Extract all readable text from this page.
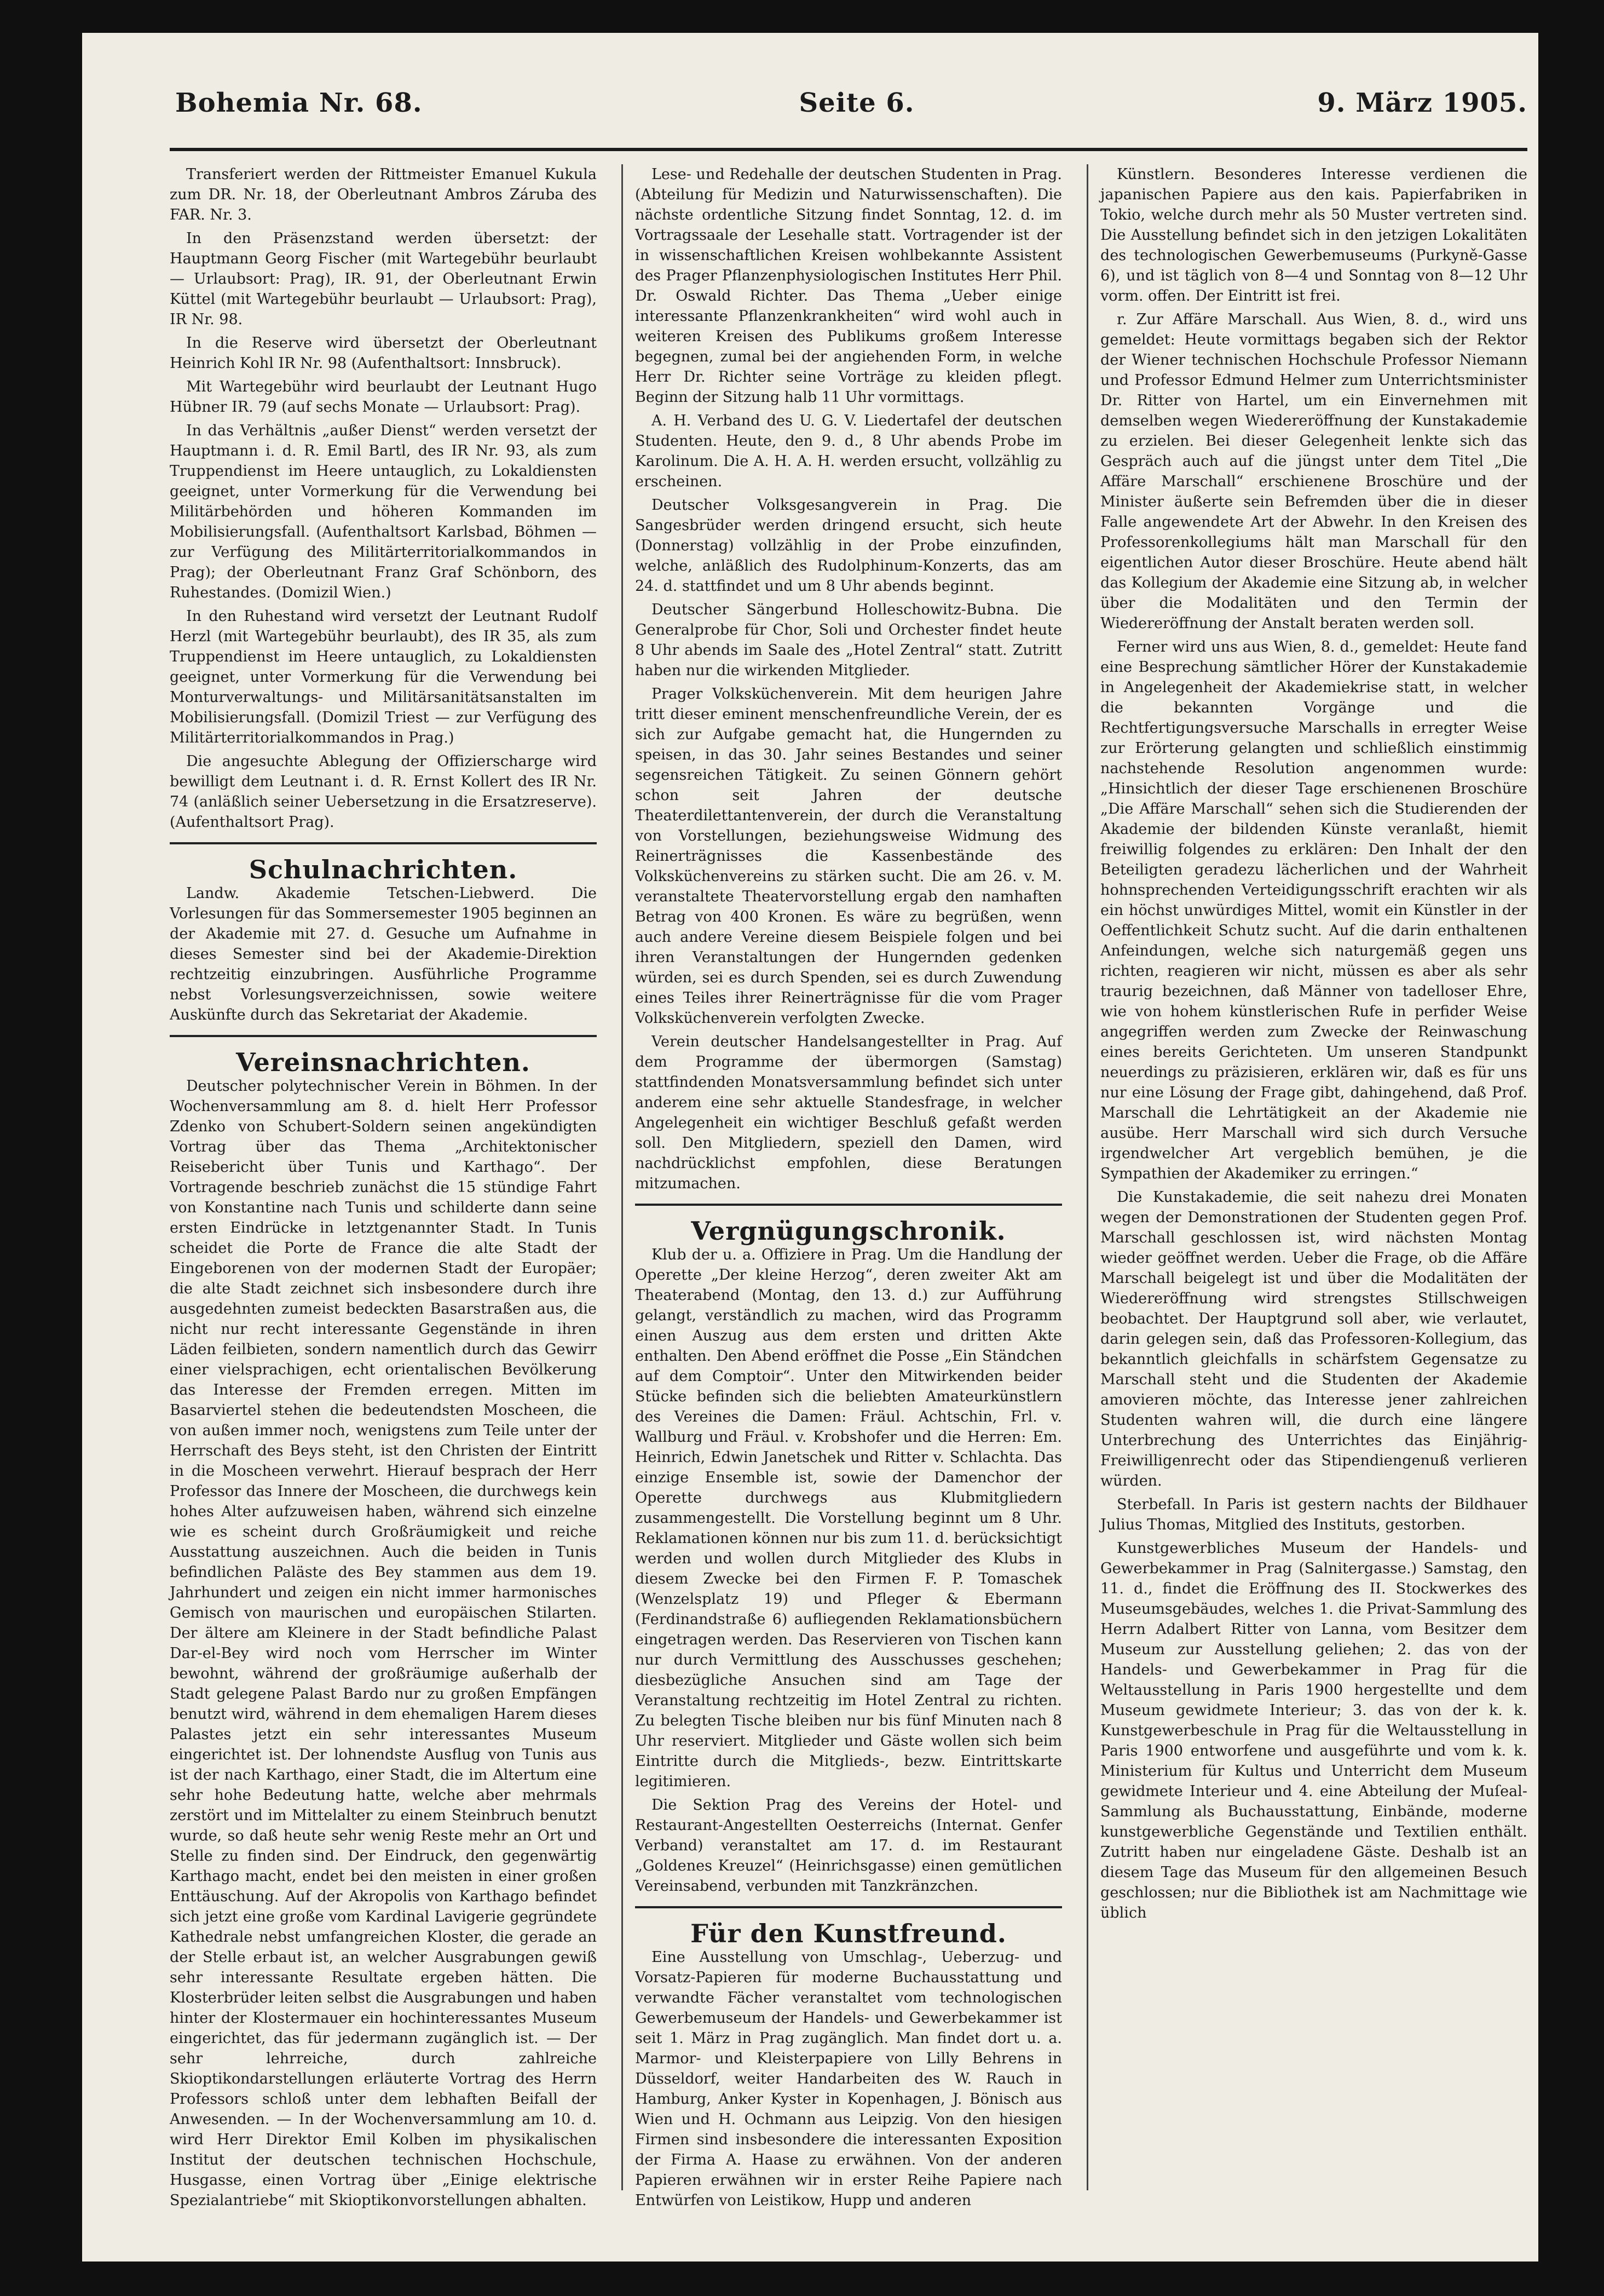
Bohemia Nr. 68.	Seite 6.	9. März 1905.

Transferiert werden der Rittmeister Emanuel Kukula zum DR. Nr. 18, der Oberleutnant Ambros Záruba des FAR. Nr. 3.

In den Präsenzstand werden übersetzt: der Hauptmann Georg Fischer (mit Wartegebühr beurlaubt — Urlaubsort: Prag), IR. 91, der Oberleutnant Erwin Küttel (mit Wartegebühr beurlaubt — Urlaubsort: Prag), IR Nr. 98.

In die Reserve wird übersetzt der Oberleutnant Heinrich Kohl IR Nr. 98 (Aufenthaltsort: Innsbruck).

Mit Wartegebühr wird beurlaubt der Leutnant Hugo Hübner IR. 79 (auf sechs Monate — Urlaubsort: Prag).

In das Verhältnis „außer Dienst“ werden versetzt der Hauptmann i. d. R. Emil Bartl, des IR Nr. 93, als zum Truppendienst im Heere untauglich, zu Lokaldiensten geeignet, unter Vormerkung für die Verwendung bei Militärbehörden und höheren Kommanden im Mobilisierungsfall. (Aufenthaltsort Karlsbad, Böhmen — zur Verfügung des Militärterritorialkommandos in Prag); der Oberleutnant Franz Graf Schönborn, des Ruhestandes. (Domizil Wien.)

In den Ruhestand wird versetzt der Leutnant Rudolf Herzl (mit Wartegebühr beurlaubt), des IR 35, als zum Truppendienst im Heere untauglich, zu Lokaldiensten geeignet, unter Vormerkung für die Verwendung bei Monturverwaltungs- und Militärsanitätsanstalten im Mobilisierungsfall. (Domizil Triest — zur Verfügung des Militärterritorialkommandos in Prag.)

Die angesuchte Ablegung der Offizierscharge wird bewilligt dem Leutnant i. d. R. Ernst Kollert des IR Nr. 74 (anläßlich seiner Uebersetzung in die Ersatzreserve). (Aufenthaltsort Prag).

Schulnachrichten.

Landw. Akademie Tetschen-Liebwerd. Die Vorlesungen für das Sommersemester 1905 beginnen an der Akademie mit 27. d. Gesuche um Aufnahme in dieses Semester sind bei der Akademie-Direktion rechtzeitig einzubringen. Ausführliche Programme nebst Vorlesungsverzeichnissen, sowie weitere Auskünfte durch das Sekretariat der Akademie.

Vereinsnachrichten.

Deutscher polytechnischer Verein in Böhmen. In der Wochenversammlung am 8. d. hielt Herr Professor Zdenko von Schubert-Soldern seinen angekündigten Vortrag über das Thema „Architektonischer Reisebericht über Tunis und Karthago“. Der Vortragende beschrieb zunächst die 15 stündige Fahrt von Konstantine nach Tunis und schilderte dann seine ersten Eindrücke in letztgenannter Stadt. In Tunis scheidet die Porte de France die alte Stadt der Eingeborenen von der modernen Stadt der Europäer; die alte Stadt zeichnet sich insbesondere durch ihre ausgedehnten zumeist bedeckten Basarstraßen aus, die nicht nur recht interessante Gegenstände in ihren Läden feilbieten, sondern namentlich durch das Gewirr einer vielsprachigen, echt orientalischen Bevölkerung das Interesse der Fremden erregen. Mitten im Basarviertel stehen die bedeutendsten Moscheen, die von außen immer noch, wenigstens zum Teile unter der Herrschaft des Beys steht, ist den Christen der Eintritt in die Moscheen verwehrt. Hierauf besprach der Herr Professor das Innere der Moscheen, die durchwegs kein hohes Alter aufzuweisen haben, während sich einzelne wie es scheint durch Großräumigkeit und reiche Ausstattung auszeichnen. Auch die beiden in Tunis befindlichen Paläste des Bey stammen aus dem 19. Jahrhundert und zeigen ein nicht immer harmonisches Gemisch von maurischen und europäischen Stilarten. Der ältere am Kleinere in der Stadt befindliche Palast Dar-el-Bey wird noch vom Herrscher im Winter bewohnt, während der großräumige außerhalb der Stadt gelegene Palast Bardo nur zu großen Empfängen benutzt wird, während in dem ehemaligen Harem dieses Palastes jetzt ein sehr interessantes Museum eingerichtet ist. Der lohnendste Ausflug von Tunis aus ist der nach Karthago, einer Stadt, die im Altertum eine sehr hohe Bedeutung hatte, welche aber mehrmals zerstört und im Mittelalter zu einem Steinbruch benutzt wurde, so daß heute sehr wenig Reste mehr an Ort und Stelle zu finden sind. Der Eindruck, den gegenwärtig Karthago macht, endet bei den meisten in einer großen Enttäuschung. Auf der Akropolis von Karthago befindet sich jetzt eine große vom Kardinal Lavigerie gegründete Kathedrale nebst umfangreichen Kloster, die gerade an der Stelle erbaut ist, an welcher Ausgrabungen gewiß sehr interessante Resultate ergeben hätten. Die Klosterbrüder leiten selbst die Ausgrabungen und haben hinter der Klostermauer ein hochinteressantes Museum eingerichtet, das für jedermann zugänglich ist. — Der sehr lehrreiche, durch zahlreiche Skioptikondarstellungen erläuterte Vortrag des Herrn Professors schloß unter dem lebhaften Beifall der Anwesenden. — In der Wochenversammlung am 10. d. wird Herr Direktor Emil Kolben im physikalischen Institut der deutschen technischen Hochschule, Husgasse, einen Vortrag über „Einige elektrische Spezialantriebe“ mit Skioptikonvorstellungen abhalten.

Lese- und Redehalle der deutschen Studenten in Prag. (Abteilung für Medizin und Naturwissenschaften). Die nächste ordentliche Sitzung findet Sonntag, 12. d. im Vortragssaale der Lesehalle statt. Vortragender ist der in wissenschaftlichen Kreisen wohlbekannte Assistent des Prager Pflanzenphysiologischen Institutes Herr Phil. Dr. Oswald Richter. Das Thema „Ueber einige interessante Pflanzenkrankheiten“ wird wohl auch in weiteren Kreisen des Publikums großem Interesse begegnen, zumal bei der angiehenden Form, in welche Herr Dr. Richter seine Vorträge zu kleiden pflegt. Beginn der Sitzung halb 11 Uhr vormittags.

A. H. Verband des U. G. V. Liedertafel der deutschen Studenten. Heute, den 9. d., 8 Uhr abends Probe im Karolinum. Die A. H. A. H. werden ersucht, vollzählig zu erscheinen.

Deutscher Volksgesangverein in Prag. Die Sangesbrüder werden dringend ersucht, sich heute (Donnerstag) vollzählig in der Probe einzufinden, welche, anläßlich des Rudolphinum-Konzerts, das am 24. d. stattfindet und um 8 Uhr abends beginnt.

Deutscher Sängerbund Holleschowitz-Bubna. Die Generalprobe für Chor, Soli und Orchester findet heute 8 Uhr abends im Saale des „Hotel Zentral“ statt. Zutritt haben nur die wirkenden Mitglieder.

Prager Volksküchenverein. Mit dem heurigen Jahre tritt dieser eminent menschenfreundliche Verein, der es sich zur Aufgabe gemacht hat, die Hungernden zu speisen, in das 30. Jahr seines Bestandes und seiner segensreichen Tätigkeit. Zu seinen Gönnern gehört schon seit Jahren der deutsche Theaterdilettantenverein, der durch die Veranstaltung von Vorstellungen, beziehungsweise Widmung des Reinerträgnisses die Kassenbestände des Volksküchenvereins zu stärken sucht. Die am 26. v. M. veranstaltete Theatervorstellung ergab den namhaften Betrag von 400 Kronen. Es wäre zu begrüßen, wenn auch andere Vereine diesem Beispiele folgen und bei ihren Veranstaltungen der Hungernden gedenken würden, sei es durch Spenden, sei es durch Zuwendung eines Teiles ihrer Reinerträgnisse für die vom Prager Volksküchenverein verfolgten Zwecke.

Verein deutscher Handelsangestellter in Prag. Auf dem Programme der übermorgen (Samstag) stattfindenden Monatsversammlung befindet sich unter anderem eine sehr aktuelle Standesfrage, in welcher Angelegenheit ein wichtiger Beschluß gefaßt werden soll. Den Mitgliedern, speziell den Damen, wird nachdrücklichst empfohlen, diese Beratungen mitzumachen.

Vergnügungschronik.

Klub der u. a. Offiziere in Prag. Um die Handlung der Operette „Der kleine Herzog“, deren zweiter Akt am Theaterabend (Montag, den 13. d.) zur Aufführung gelangt, verständlich zu machen, wird das Programm einen Auszug aus dem ersten und dritten Akte enthalten. Den Abend eröffnet die Posse „Ein Ständchen auf dem Comptoir“. Unter den Mitwirkenden beider Stücke befinden sich die beliebten Amateurkünstlern des Vereines die Damen: Fräul. Achtschin, Frl. v. Wallburg und Fräul. v. Krobshofer und die Herren: Em. Heinrich, Edwin Janetschek und Ritter v. Schlachta. Das einzige Ensemble ist, sowie der Damenchor der Operette durchwegs aus Klubmitgliedern zusammengestellt. Die Vorstellung beginnt um 8 Uhr. Reklamationen können nur bis zum 11. d. berücksichtigt werden und wollen durch Mitglieder des Klubs in diesem Zwecke bei den Firmen F. P. Tomaschek (Wenzelsplatz 19) und Pfleger & Ebermann (Ferdinandstraße 6) aufliegenden Reklamationsbüchern eingetragen werden. Das Reservieren von Tischen kann nur durch Vermittlung des Ausschusses geschehen; diesbezügliche Ansuchen sind am Tage der Veranstaltung rechtzeitig im Hotel Zentral zu richten. Zu belegten Tische bleiben nur bis fünf Minuten nach 8 Uhr reserviert. Mitglieder und Gäste wollen sich beim Eintritte durch die Mitglieds-, bezw. Eintrittskarte legitimieren.

Die Sektion Prag des Vereins der Hotel- und Restaurant-Angestellten Oesterreichs (Internat. Genfer Verband) veranstaltet am 17. d. im Restaurant „Goldenes Kreuzel“ (Heinrichsgasse) einen gemütlichen Vereinsabend, verbunden mit Tanzkränzchen.

Für den Kunstfreund.

Eine Ausstellung von Umschlag-, Ueberzug- und Vorsatz-Papieren für moderne Buchausstattung und verwandte Fächer veranstaltet vom technologischen Gewerbemuseum der Handels- und Gewerbekammer ist seit 1. März in Prag zugänglich. Man findet dort u. a. Marmor- und Kleisterpapiere von Lilly Behrens in Düsseldorf, weiter Handarbeiten des W. Rauch in Hamburg, Anker Kyster in Kopenhagen, J. Bönisch aus Wien und H. Ochmann aus Leipzig. Von den hiesigen Firmen sind insbesondere die interessanten Exposition der Firma A. Haase zu erwähnen. Von der anderen Papieren erwähnen wir in erster Reihe Papiere nach Entwürfen von Leistikow, Hupp und anderen

Künstlern. Besonderes Interesse verdienen die japanischen Papiere aus den kais. Papierfabriken in Tokio, welche durch mehr als 50 Muster vertreten sind. Die Ausstellung befindet sich in den jetzigen Lokalitäten des technologischen Gewerbemuseums (Purkyně-Gasse 6), und ist täglich von 8—4 und Sonntag von 8—12 Uhr vorm. offen. Der Eintritt ist frei.

r. Zur Affäre Marschall. Aus Wien, 8. d., wird uns gemeldet: Heute vormittags begaben sich der Rektor der Wiener technischen Hochschule Professor Niemann und Professor Edmund Helmer zum Unterrichtsminister Dr. Ritter von Hartel, um ein Einvernehmen mit demselben wegen Wiedereröffnung der Kunstakademie zu erzielen. Bei dieser Gelegenheit lenkte sich das Gespräch auch auf die jüngst unter dem Titel „Die Affäre Marschall“ erschienene Broschüre und der Minister äußerte sein Befremden über die in dieser Falle angewendete Art der Abwehr. In den Kreisen des Professorenkollegiums hält man Marschall für den eigentlichen Autor dieser Broschüre. Heute abend hält das Kollegium der Akademie eine Sitzung ab, in welcher über die Modalitäten und den Termin der Wiedereröffnung der Anstalt beraten werden soll.

Ferner wird uns aus Wien, 8. d., gemeldet: Heute fand eine Besprechung sämtlicher Hörer der Kunstakademie in Angelegenheit der Akademiekrise statt, in welcher die bekannten Vorgänge und die Rechtfertigungsversuche Marschalls in erregter Weise zur Erörterung gelangten und schließlich einstimmig nachstehende Resolution angenommen wurde: „Hinsichtlich der dieser Tage erschienenen Broschüre „Die Affäre Marschall“ sehen sich die Studierenden der Akademie der bildenden Künste veranlaßt, hiemit freiwillig folgendes zu erklären: Den Inhalt der den Beteiligten geradezu lächerlichen und der Wahrheit hohnsprechenden Verteidigungsschrift erachten wir als ein höchst unwürdiges Mittel, womit ein Künstler in der Oeffentlichkeit Schutz sucht. Auf die darin enthaltenen Anfeindungen, welche sich naturgemäß gegen uns richten, reagieren wir nicht, müssen es aber als sehr traurig bezeichnen, daß Männer von tadelloser Ehre, wie von hohem künstlerischen Rufe in perfider Weise angegriffen werden zum Zwecke der Reinwaschung eines bereits Gerichteten. Um unseren Standpunkt neuerdings zu präzisieren, erklären wir, daß es für uns nur eine Lösung der Frage gibt, dahingehend, daß Prof. Marschall die Lehrtätigkeit an der Akademie nie ausübe. Herr Marschall wird sich durch Versuche irgendwelcher Art vergeblich bemühen, je die Sympathien der Akademiker zu erringen.“

Die Kunstakademie, die seit nahezu drei Monaten wegen der Demonstrationen der Studenten gegen Prof. Marschall geschlossen ist, wird nächsten Montag wieder geöffnet werden. Ueber die Frage, ob die Affäre Marschall beigelegt ist und über die Modalitäten der Wiedereröffnung wird strengstes Stillschweigen beobachtet. Der Hauptgrund soll aber, wie verlautet, darin gelegen sein, daß das Professoren-Kollegium, das bekanntlich gleichfalls in schärfstem Gegensatze zu Marschall steht und die Studenten der Akademie amovieren möchte, das Interesse jener zahlreichen Studenten wahren will, die durch eine längere Unterbrechung des Unterrichtes das Einjährig-Freiwilligenrecht oder das Stipendiengenuß verlieren würden.

Sterbefall. In Paris ist gestern nachts der Bildhauer Julius Thomas, Mitglied des Instituts, gestorben.

Kunstgewerbliches Museum der Handels- und Gewerbekammer in Prag (Salnitergasse.) Samstag, den 11. d., findet die Eröffnung des II. Stockwerkes des Museumsgebäudes, welches 1. die Privat-Sammlung des Herrn Adalbert Ritter von Lanna, vom Besitzer dem Museum zur Ausstellung geliehen; 2. das von der Handels- und Gewerbekammer in Prag für die Weltausstellung in Paris 1900 hergestellte und dem Museum gewidmete Interieur; 3. das von der k. k. Kunstgewerbeschule in Prag für die Weltausstellung in Paris 1900 entworfene und ausgeführte und vom k. k. Ministerium für Kultus und Unterricht dem Museum gewidmete Interieur und 4. eine Abteilung der Muſeal-Sammlung als Buchausstattung, Einbände, moderne kunstgewerbliche Gegenstände und Textilien enthält. Zutritt haben nur eingeladene Gäste. Deshalb ist an diesem Tage das Museum für den allgemeinen Besuch geschlossen; nur die Bibliothek ist am Nachmittage wie üblich
